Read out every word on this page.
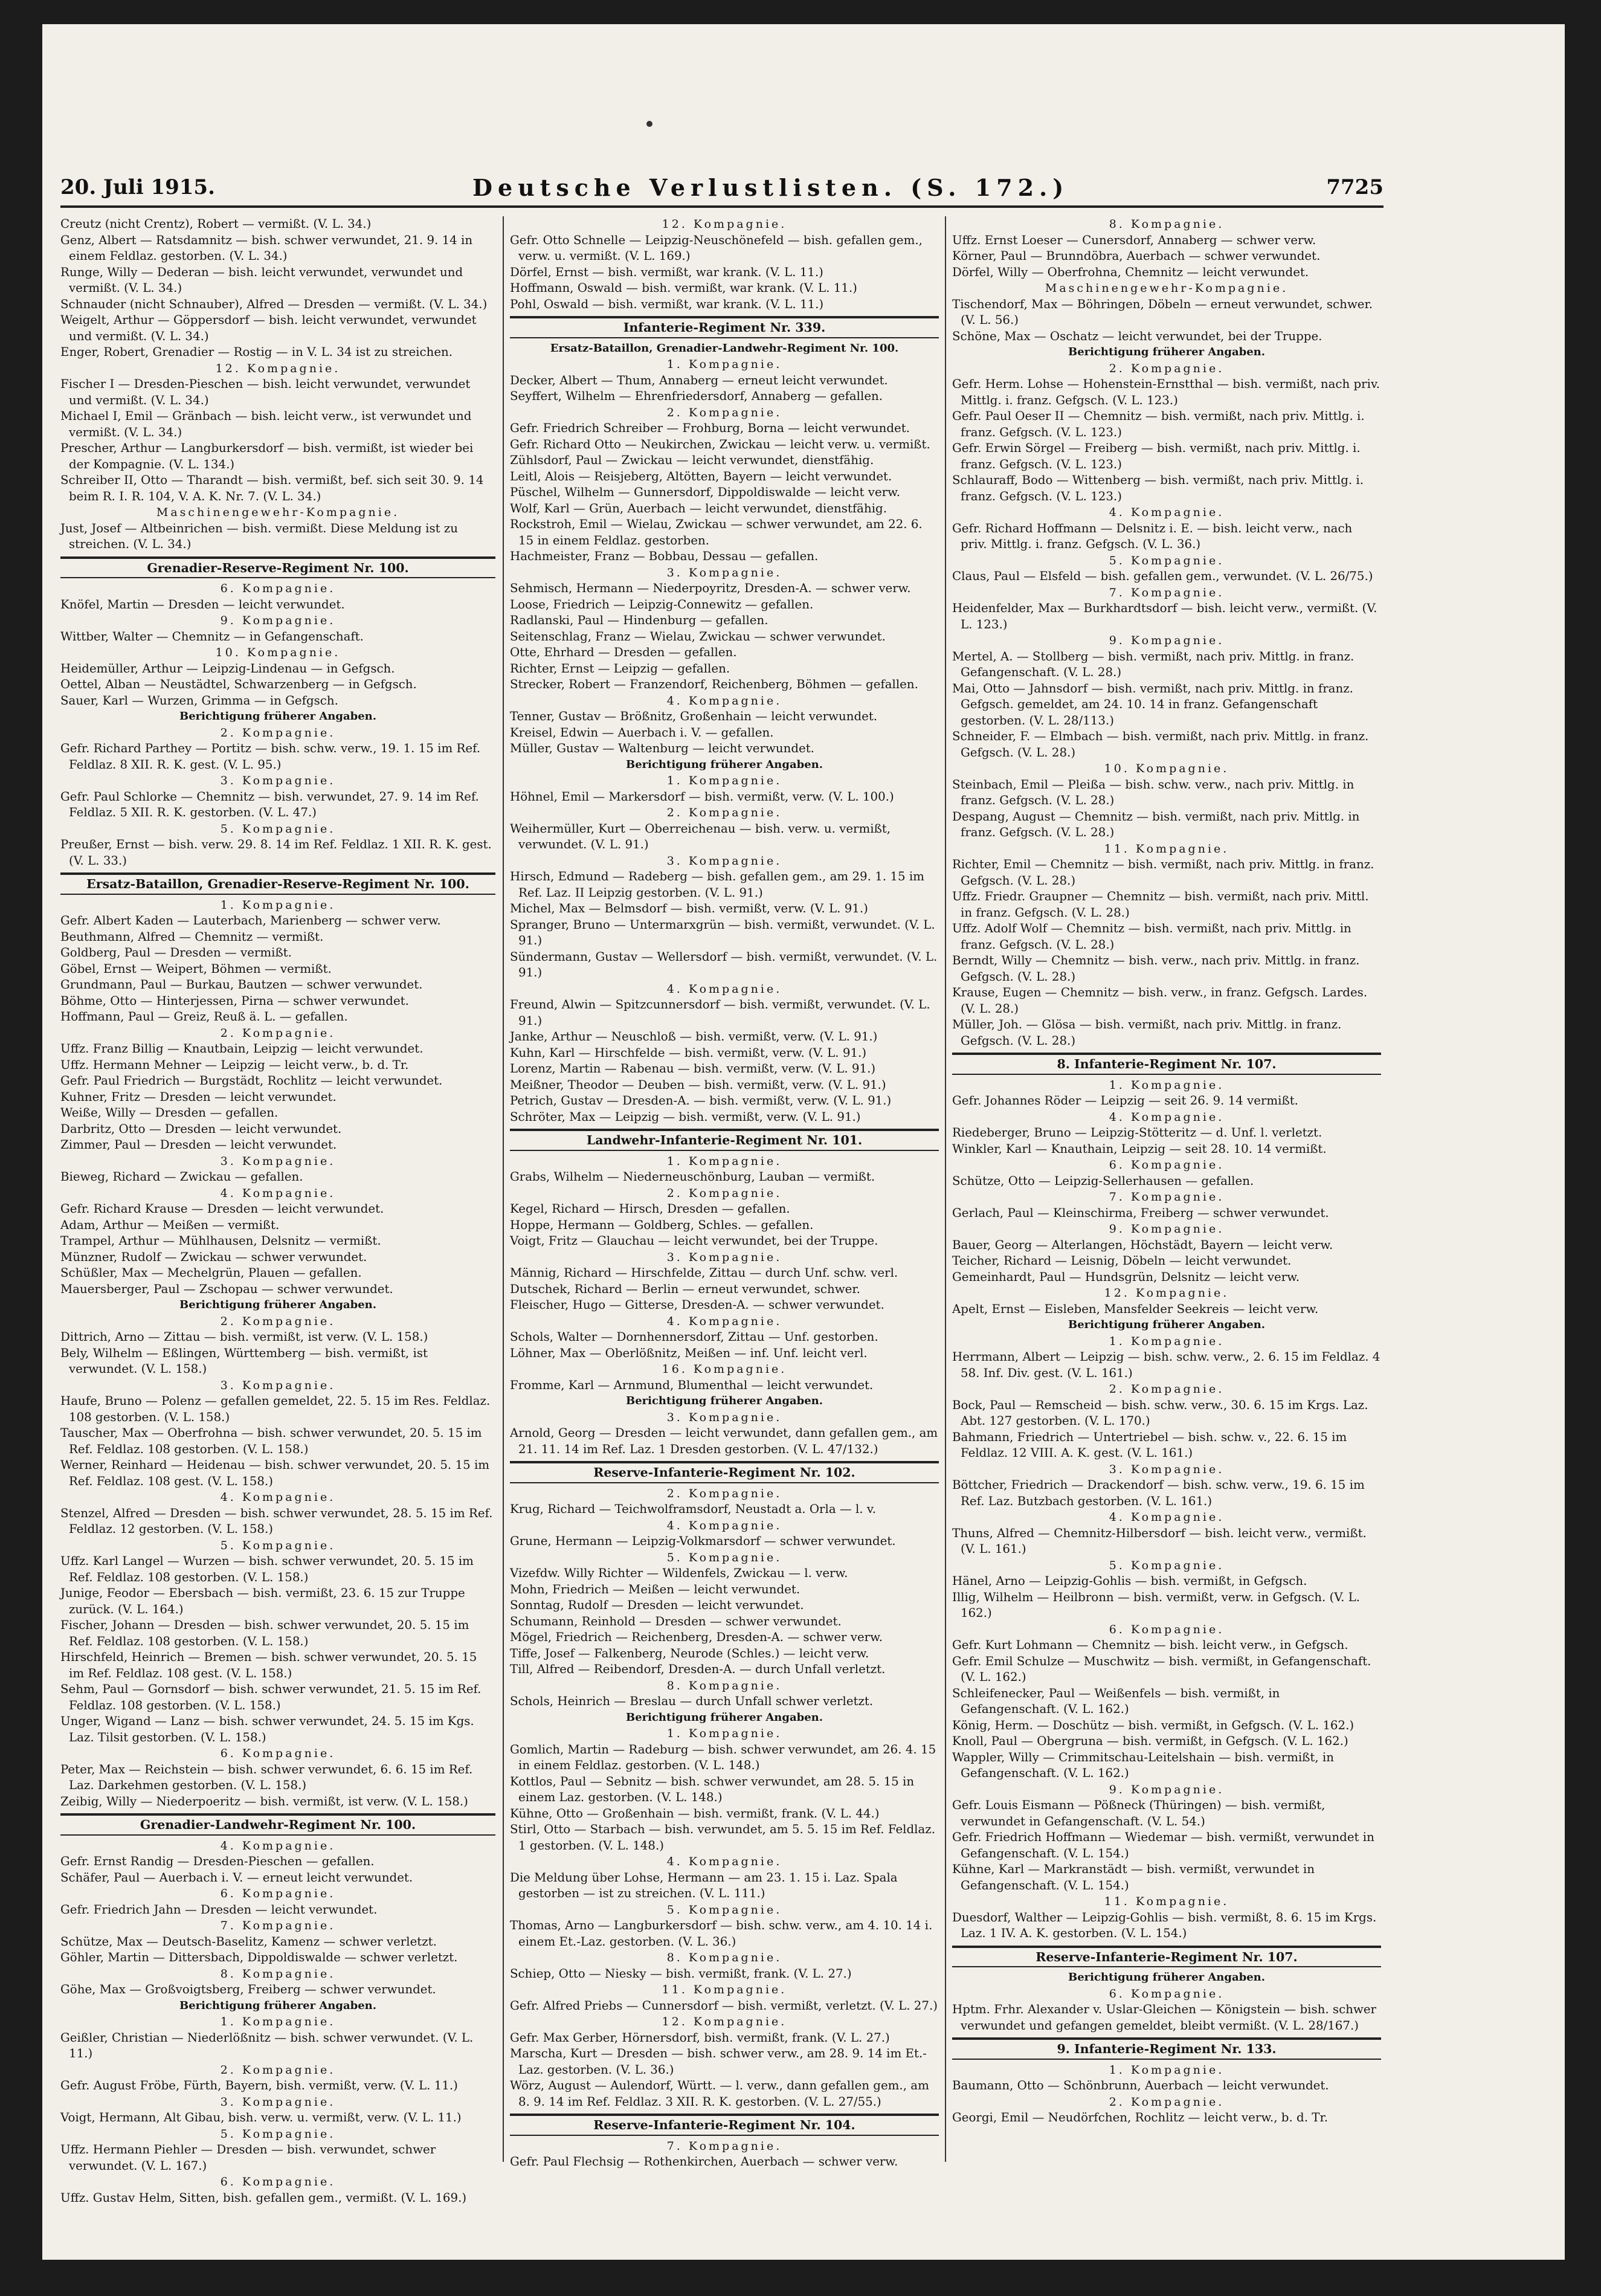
20. Juli 1915.	Deutsche Verlustlisten. (S. 172.)	7725
Creutz (nicht Crentz), Robert — vermißt. (V. L. 34.)
Genz, Albert — Ratsdamnitz — bish. schwer verwundet, 21. 9. 14 in einem Feldlaz. gestorben. (V. L. 34.)
Runge, Willy — Dederan — bish. leicht verwundet, verwundet und vermißt. (V. L. 34.)
Schnauder (nicht Schnauber), Alfred — Dresden — vermißt. (V. L. 34.)
Weigelt, Arthur — Göppersdorf — bish. leicht verwundet, verwundet und vermißt. (V. L. 34.)
Enger, Robert, Grenadier — Rostig — in V. L. 34 ist zu streichen.
12. Kompagnie.
Fischer I — Dresden-Pieschen — bish. leicht verwundet, verwundet und vermißt. (V. L. 34.)
Michael I, Emil — Gränbach — bish. leicht verw., ist verwundet und vermißt. (V. L. 34.)
Prescher, Arthur — Langburkersdorf — bish. vermißt, ist wieder bei der Kompagnie. (V. L. 134.)
Schreiber II, Otto — Tharandt — bish. vermißt, bef. sich seit 30. 9. 14 beim R. I. R. 104, V. A. K. Nr. 7. (V. L. 34.)
Maschinengewehr-Kompagnie.
Just, Josef — Altbeinrichen — bish. vermißt. Diese Meldung ist zu streichen. (V. L. 34.)
Grenadier-Reserve-Regiment Nr. 100.
6. Kompagnie.
Knöfel, Martin — Dresden — leicht verwundet.
9. Kompagnie.
Wittber, Walter — Chemnitz — in Gefangenschaft.
10. Kompagnie.
Heidemüller, Arthur — Leipzig-Lindenau — in Gefgsch.
Oettel, Alban — Neustädtel, Schwarzenberg — in Gefgsch.
Sauer, Karl — Wurzen, Grimma — in Gefgsch.
Berichtigung früherer Angaben.
2. Kompagnie.
Gefr. Richard Parthey — Portitz — bish. schw. verw., 19. 1. 15 im Ref. Feldlaz. 8 XII. R. K. gest. (V. L. 95.)
3. Kompagnie.
Gefr. Paul Schlorke — Chemnitz — bish. verwundet, 27. 9. 14 im Ref. Feldlaz. 5 XII. R. K. gestorben. (V. L. 47.)
5. Kompagnie.
Preußer, Ernst — bish. verw. 29. 8. 14 im Ref. Feldlaz. 1 XII. R. K. gest. (V. L. 33.)
Ersatz-Bataillon, Grenadier-Reserve-Regiment Nr. 100.
1. Kompagnie.
Gefr. Albert Kaden — Lauterbach, Marienberg — schwer verw.
Beuthmann, Alfred — Chemnitz — vermißt.
Goldberg, Paul — Dresden — vermißt.
Göbel, Ernst — Weipert, Böhmen — vermißt.
Grundmann, Paul — Burkau, Bautzen — schwer verwundet.
Böhme, Otto — Hinterjessen, Pirna — schwer verwundet.
Hoffmann, Paul — Greiz, Reuß ä. L. — gefallen.
2. Kompagnie.
Uffz. Franz Billig — Knautbain, Leipzig — leicht verwundet.
Uffz. Hermann Mehner — Leipzig — leicht verw., b. d. Tr.
Gefr. Paul Friedrich — Burgstädt, Rochlitz — leicht verwundet.
Kuhner, Fritz — Dresden — leicht verwundet.
Weiße, Willy — Dresden — gefallen.
Darbritz, Otto — Dresden — leicht verwundet.
Zimmer, Paul — Dresden — leicht verwundet.
3. Kompagnie.
Bieweg, Richard — Zwickau — gefallen.
4. Kompagnie.
Gefr. Richard Krause — Dresden — leicht verwundet.
Adam, Arthur — Meißen — vermißt.
Trampel, Arthur — Mühlhausen, Delsnitz — vermißt.
Münzner, Rudolf — Zwickau — schwer verwundet.
Schüßler, Max — Mechelgrün, Plauen — gefallen.
Mauersberger, Paul — Zschopau — schwer verwundet.
Berichtigung früherer Angaben.
2. Kompagnie.
Dittrich, Arno — Zittau — bish. vermißt, ist verw. (V. L. 158.)
Bely, Wilhelm — Eßlingen, Württemberg — bish. vermißt, ist verwundet. (V. L. 158.)
3. Kompagnie.
Haufe, Bruno — Polenz — gefallen gemeldet, 22. 5. 15 im Res. Feldlaz. 108 gestorben. (V. L. 158.)
Tauscher, Max — Oberfrohna — bish. schwer verwundet, 20. 5. 15 im Ref. Feldlaz. 108 gestorben. (V. L. 158.)
Werner, Reinhard — Heidenau — bish. schwer verwundet, 20. 5. 15 im Ref. Feldlaz. 108 gest. (V. L. 158.)
4. Kompagnie.
Stenzel, Alfred — Dresden — bish. schwer verwundet, 28. 5. 15 im Ref. Feldlaz. 12 gestorben. (V. L. 158.)
5. Kompagnie.
Uffz. Karl Langel — Wurzen — bish. schwer verwundet, 20. 5. 15 im Ref. Feldlaz. 108 gestorben. (V. L. 158.)
Junige, Feodor — Ebersbach — bish. vermißt, 23. 6. 15 zur Truppe zurück. (V. L. 164.)
Fischer, Johann — Dresden — bish. schwer verwundet, 20. 5. 15 im Ref. Feldlaz. 108 gestorben. (V. L. 158.)
Hirschfeld, Heinrich — Bremen — bish. schwer verwundet, 20. 5. 15 im Ref. Feldlaz. 108 gest. (V. L. 158.)
Sehm, Paul — Gornsdorf — bish. schwer verwundet, 21. 5. 15 im Ref. Feldlaz. 108 gestorben. (V. L. 158.)
Unger, Wigand — Lanz — bish. schwer verwundet, 24. 5. 15 im Kgs. Laz. Tilsit gestorben. (V. L. 158.)
6. Kompagnie.
Peter, Max — Reichstein — bish. schwer verwundet, 6. 6. 15 im Ref. Laz. Darkehmen gestorben. (V. L. 158.)
Zeibig, Willy — Niederpoeritz — bish. vermißt, ist verw. (V. L. 158.)
Grenadier-Landwehr-Regiment Nr. 100.
4. Kompagnie.
Gefr. Ernst Randig — Dresden-Pieschen — gefallen.
Schäfer, Paul — Auerbach i. V. — erneut leicht verwundet.
6. Kompagnie.
Gefr. Friedrich Jahn — Dresden — leicht verwundet.
7. Kompagnie.
Schütze, Max — Deutsch-Baselitz, Kamenz — schwer verletzt.
Göhler, Martin — Dittersbach, Dippoldiswalde — schwer verletzt.
8. Kompagnie.
Göhe, Max — Großvoigtsberg, Freiberg — schwer verwundet.
Berichtigung früherer Angaben.
1. Kompagnie.
Geißler, Christian — Niederlößnitz — bish. schwer verwundet. (V. L. 11.)
2. Kompagnie.
Gefr. August Fröbe, Fürth, Bayern, bish. vermißt, verw. (V. L. 11.)
3. Kompagnie.
Voigt, Hermann, Alt Gibau, bish. verw. u. vermißt, verw. (V. L. 11.)
5. Kompagnie.
Uffz. Hermann Piehler — Dresden — bish. verwundet, schwer verwundet. (V. L. 167.)
6. Kompagnie.
Uffz. Gustav Helm, Sitten, bish. gefallen gem., vermißt. (V. L. 169.)
12. Kompagnie.
Gefr. Otto Schnelle — Leipzig-Neuschönefeld — bish. gefallen gem., verw. u. vermißt. (V. L. 169.)
Dörfel, Ernst — bish. vermißt, war krank. (V. L. 11.)
Hoffmann, Oswald — bish. vermißt, war krank. (V. L. 11.)
Pohl, Oswald — bish. vermißt, war krank. (V. L. 11.)
Infanterie-Regiment Nr. 339.
Ersatz-Bataillon, Grenadier-Landwehr-Regiment Nr. 100.
1. Kompagnie.
Decker, Albert — Thum, Annaberg — erneut leicht verwundet.
Seyffert, Wilhelm — Ehrenfriedersdorf, Annaberg — gefallen.
2. Kompagnie.
Gefr. Friedrich Schreiber — Frohburg, Borna — leicht verwundet.
Gefr. Richard Otto — Neukirchen, Zwickau — leicht verw. u. vermißt.
Zühlsdorf, Paul — Zwickau — leicht verwundet, dienstfähig.
Leitl, Alois — Reisjeberg, Altötten, Bayern — leicht verwundet.
Püschel, Wilhelm — Gunnersdorf, Dippoldiswalde — leicht verw.
Wolf, Karl — Grün, Auerbach — leicht verwundet, dienstfähig.
Rockstroh, Emil — Wielau, Zwickau — schwer verwundet, am 22. 6. 15 in einem Feldlaz. gestorben.
Hachmeister, Franz — Bobbau, Dessau — gefallen.
3. Kompagnie.
Sehmisch, Hermann — Niederpoyritz, Dresden-A. — schwer verw.
Loose, Friedrich — Leipzig-Connewitz — gefallen.
Radlanski, Paul — Hindenburg — gefallen.
Seitenschlag, Franz — Wielau, Zwickau — schwer verwundet.
Otte, Ehrhard — Dresden — gefallen.
Richter, Ernst — Leipzig — gefallen.
Strecker, Robert — Franzendorf, Reichenberg, Böhmen — gefallen.
4. Kompagnie.
Tenner, Gustav — Brößnitz, Großenhain — leicht verwundet.
Kreisel, Edwin — Auerbach i. V. — gefallen.
Müller, Gustav — Waltenburg — leicht verwundet.
Berichtigung früherer Angaben.
1. Kompagnie.
Höhnel, Emil — Markersdorf — bish. vermißt, verw. (V. L. 100.)
2. Kompagnie.
Weihermüller, Kurt — Oberreichenau — bish. verw. u. vermißt, verwundet. (V. L. 91.)
3. Kompagnie.
Hirsch, Edmund — Radeberg — bish. gefallen gem., am 29. 1. 15 im Ref. Laz. II Leipzig gestorben. (V. L. 91.)
Michel, Max — Belmsdorf — bish. vermißt, verw. (V. L. 91.)
Spranger, Bruno — Untermarxgrün — bish. vermißt, verwundet. (V. L. 91.)
Sündermann, Gustav — Wellersdorf — bish. vermißt, verwundet. (V. L. 91.)
4. Kompagnie.
Freund, Alwin — Spitzcunnersdorf — bish. vermißt, verwundet. (V. L. 91.)
Janke, Arthur — Neuschloß — bish. vermißt, verw. (V. L. 91.)
Kuhn, Karl — Hirschfelde — bish. vermißt, verw. (V. L. 91.)
Lorenz, Martin — Rabenau — bish. vermißt, verw. (V. L. 91.)
Meißner, Theodor — Deuben — bish. vermißt, verw. (V. L. 91.)
Petrich, Gustav — Dresden-A. — bish. vermißt, verw. (V. L. 91.)
Schröter, Max — Leipzig — bish. vermißt, verw. (V. L. 91.)
Landwehr-Infanterie-Regiment Nr. 101.
1. Kompagnie.
Grabs, Wilhelm — Niederneuschönburg, Lauban — vermißt.
2. Kompagnie.
Kegel, Richard — Hirsch, Dresden — gefallen.
Hoppe, Hermann — Goldberg, Schles. — gefallen.
Voigt, Fritz — Glauchau — leicht verwundet, bei der Truppe.
3. Kompagnie.
Männig, Richard — Hirschfelde, Zittau — durch Unf. schw. verl.
Dutschek, Richard — Berlin — erneut verwundet, schwer.
Fleischer, Hugo — Gitterse, Dresden-A. — schwer verwundet.
4. Kompagnie.
Schols, Walter — Dornhennersdorf, Zittau — Unf. gestorben.
Löhner, Max — Oberlößnitz, Meißen — inf. Unf. leicht verl.
16. Kompagnie.
Fromme, Karl — Arnmund, Blumenthal — leicht verwundet.
Berichtigung früherer Angaben.
3. Kompagnie.
Arnold, Georg — Dresden — leicht verwundet, dann gefallen gem., am 21. 11. 14 im Ref. Laz. 1 Dresden gestorben. (V. L. 47/132.)
Reserve-Infanterie-Regiment Nr. 102.
2. Kompagnie.
Krug, Richard — Teichwolframsdorf, Neustadt a. Orla — l. v.
4. Kompagnie.
Grune, Hermann — Leipzig-Volkmarsdorf — schwer verwundet.
5. Kompagnie.
Vizefdw. Willy Richter — Wildenfels, Zwickau — l. verw.
Mohn, Friedrich — Meißen — leicht verwundet.
Sonntag, Rudolf — Dresden — leicht verwundet.
Schumann, Reinhold — Dresden — schwer verwundet.
Mögel, Friedrich — Reichenberg, Dresden-A. — schwer verw.
Tiffe, Josef — Falkenberg, Neurode (Schles.) — leicht verw.
Till, Alfred — Reibendorf, Dresden-A. — durch Unfall verletzt.
8. Kompagnie.
Schols, Heinrich — Breslau — durch Unfall schwer verletzt.
Berichtigung früherer Angaben.
1. Kompagnie.
Gomlich, Martin — Radeburg — bish. schwer verwundet, am 26. 4. 15 in einem Feldlaz. gestorben. (V. L. 148.)
Kottlos, Paul — Sebnitz — bish. schwer verwundet, am 28. 5. 15 in einem Laz. gestorben. (V. L. 148.)
Kühne, Otto — Großenhain — bish. vermißt, frank. (V. L. 44.)
Stirl, Otto — Starbach — bish. verwundet, am 5. 5. 15 im Ref. Feldlaz. 1 gestorben. (V. L. 148.)
4. Kompagnie.
Die Meldung über Lohse, Hermann — am 23. 1. 15 i. Laz. Spala gestorben — ist zu streichen. (V. L. 111.)
5. Kompagnie.
Thomas, Arno — Langburkersdorf — bish. schw. verw., am 4. 10. 14 i. einem Et.-Laz. gestorben. (V. L. 36.)
8. Kompagnie.
Schiep, Otto — Niesky — bish. vermißt, frank. (V. L. 27.)
11. Kompagnie.
Gefr. Alfred Priebs — Cunnersdorf — bish. vermißt, verletzt. (V. L. 27.)
12. Kompagnie.
Gefr. Max Gerber, Hörnersdorf, bish. vermißt, frank. (V. L. 27.)
Marscha, Kurt — Dresden — bish. schwer verw., am 28. 9. 14 im Et.-Laz. gestorben. (V. L. 36.)
Wörz, August — Aulendorf, Württ. — l. verw., dann gefallen gem., am 8. 9. 14 im Ref. Feldlaz. 3 XII. R. K. gestorben. (V. L. 27/55.)
Reserve-Infanterie-Regiment Nr. 104.
7. Kompagnie.
Gefr. Paul Flechsig — Rothenkirchen, Auerbach — schwer verw.
8. Kompagnie.
Uffz. Ernst Loeser — Cunersdorf, Annaberg — schwer verw.
Körner, Paul — Brunndöbra, Auerbach — schwer verwundet.
Dörfel, Willy — Oberfrohna, Chemnitz — leicht verwundet.
Maschinengewehr-Kompagnie.
Tischendorf, Max — Böhringen, Döbeln — erneut verwundet, schwer. (V. L. 56.)
Schöne, Max — Oschatz — leicht verwundet, bei der Truppe.
Berichtigung früherer Angaben.
2. Kompagnie.
Gefr. Herm. Lohse — Hohenstein-Ernstthal — bish. vermißt, nach priv. Mittlg. i. franz. Gefgsch. (V. L. 123.)
Gefr. Paul Oeser II — Chemnitz — bish. vermißt, nach priv. Mittlg. i. franz. Gefgsch. (V. L. 123.)
Gefr. Erwin Sörgel — Freiberg — bish. vermißt, nach priv. Mittlg. i. franz. Gefgsch. (V. L. 123.)
Schlauraff, Bodo — Wittenberg — bish. vermißt, nach priv. Mittlg. i. franz. Gefgsch. (V. L. 123.)
4. Kompagnie.
Gefr. Richard Hoffmann — Delsnitz i. E. — bish. leicht verw., nach priv. Mittlg. i. franz. Gefgsch. (V. L. 36.)
5. Kompagnie.
Claus, Paul — Elsfeld — bish. gefallen gem., verwundet. (V. L. 26/75.)
7. Kompagnie.
Heidenfelder, Max — Burkhardtsdorf — bish. leicht verw., vermißt. (V. L. 123.)
9. Kompagnie.
Mertel, A. — Stollberg — bish. vermißt, nach priv. Mittlg. in franz. Gefangenschaft. (V. L. 28.)
Mai, Otto — Jahnsdorf — bish. vermißt, nach priv. Mittlg. in franz. Gefgsch. gemeldet, am 24. 10. 14 in franz. Gefangenschaft gestorben. (V. L. 28/113.)
Schneider, F. — Elmbach — bish. vermißt, nach priv. Mittlg. in franz. Gefgsch. (V. L. 28.)
10. Kompagnie.
Steinbach, Emil — Pleißa — bish. schw. verw., nach priv. Mittlg. in franz. Gefgsch. (V. L. 28.)
Despang, August — Chemnitz — bish. vermißt, nach priv. Mittlg. in franz. Gefgsch. (V. L. 28.)
11. Kompagnie.
Richter, Emil — Chemnitz — bish. vermißt, nach priv. Mittlg. in franz. Gefgsch. (V. L. 28.)
Uffz. Friedr. Graupner — Chemnitz — bish. vermißt, nach priv. Mittl. in franz. Gefgsch. (V. L. 28.)
Uffz. Adolf Wolf — Chemnitz — bish. vermißt, nach priv. Mittlg. in franz. Gefgsch. (V. L. 28.)
Berndt, Willy — Chemnitz — bish. verw., nach priv. Mittlg. in franz. Gefgsch. (V. L. 28.)
Krause, Eugen — Chemnitz — bish. verw., in franz. Gefgsch. Lardes. (V. L. 28.)
Müller, Joh. — Glösa — bish. vermißt, nach priv. Mittlg. in franz. Gefgsch. (V. L. 28.)
8. Infanterie-Regiment Nr. 107.
1. Kompagnie.
Gefr. Johannes Röder — Leipzig — seit 26. 9. 14 vermißt.
4. Kompagnie.
Riedeberger, Bruno — Leipzig-Stötteritz — d. Unf. l. verletzt.
Winkler, Karl — Knauthain, Leipzig — seit 28. 10. 14 vermißt.
6. Kompagnie.
Schütze, Otto — Leipzig-Sellerhausen — gefallen.
7. Kompagnie.
Gerlach, Paul — Kleinschirma, Freiberg — schwer verwundet.
9. Kompagnie.
Bauer, Georg — Alterlangen, Höchstädt, Bayern — leicht verw.
Teicher, Richard — Leisnig, Döbeln — leicht verwundet.
Gemeinhardt, Paul — Hundsgrün, Delsnitz — leicht verw.
12. Kompagnie.
Apelt, Ernst — Eisleben, Mansfelder Seekreis — leicht verw.
Berichtigung früherer Angaben.
1. Kompagnie.
Herrmann, Albert — Leipzig — bish. schw. verw., 2. 6. 15 im Feldlaz. 4 58. Inf. Div. gest. (V. L. 161.)
2. Kompagnie.
Bock, Paul — Remscheid — bish. schw. verw., 30. 6. 15 im Krgs. Laz. Abt. 127 gestorben. (V. L. 170.)
Bahmann, Friedrich — Untertriebel — bish. schw. v., 22. 6. 15 im Feldlaz. 12 VIII. A. K. gest. (V. L. 161.)
3. Kompagnie.
Böttcher, Friedrich — Drackendorf — bish. schw. verw., 19. 6. 15 im Ref. Laz. Butzbach gestorben. (V. L. 161.)
4. Kompagnie.
Thuns, Alfred — Chemnitz-Hilbersdorf — bish. leicht verw., vermißt. (V. L. 161.)
5. Kompagnie.
Hänel, Arno — Leipzig-Gohlis — bish. vermißt, in Gefgsch.
Illig, Wilhelm — Heilbronn — bish. vermißt, verw. in Gefgsch. (V. L. 162.)
6. Kompagnie.
Gefr. Kurt Lohmann — Chemnitz — bish. leicht verw., in Gefgsch.
Gefr. Emil Schulze — Muschwitz — bish. vermißt, in Gefangenschaft. (V. L. 162.)
Schleifenecker, Paul — Weißenfels — bish. vermißt, in Gefangenschaft. (V. L. 162.)
König, Herm. — Doschütz — bish. vermißt, in Gefgsch. (V. L. 162.)
Knoll, Paul — Obergruna — bish. vermißt, in Gefgsch. (V. L. 162.)
Wappler, Willy — Crimmitschau-Leitelshain — bish. vermißt, in Gefangenschaft. (V. L. 162.)
9. Kompagnie.
Gefr. Louis Eismann — Pößneck (Thüringen) — bish. vermißt, verwundet in Gefangenschaft. (V. L. 54.)
Gefr. Friedrich Hoffmann — Wiedemar — bish. vermißt, verwundet in Gefangenschaft. (V. L. 154.)
Kühne, Karl — Markranstädt — bish. vermißt, verwundet in Gefangenschaft. (V. L. 154.)
11. Kompagnie.
Duesdorf, Walther — Leipzig-Gohlis — bish. vermißt, 8. 6. 15 im Krgs. Laz. 1 IV. A. K. gestorben. (V. L. 154.)
Reserve-Infanterie-Regiment Nr. 107.
Berichtigung früherer Angaben.
6. Kompagnie.
Hptm. Frhr. Alexander v. Uslar-Gleichen — Königstein — bish. schwer verwundet und gefangen gemeldet, bleibt vermißt. (V. L. 28/167.)
9. Infanterie-Regiment Nr. 133.
1. Kompagnie.
Baumann, Otto — Schönbrunn, Auerbach — leicht verwundet.
2. Kompagnie.
Georgi, Emil — Neudörfchen, Rochlitz — leicht verw., b. d. Tr.
